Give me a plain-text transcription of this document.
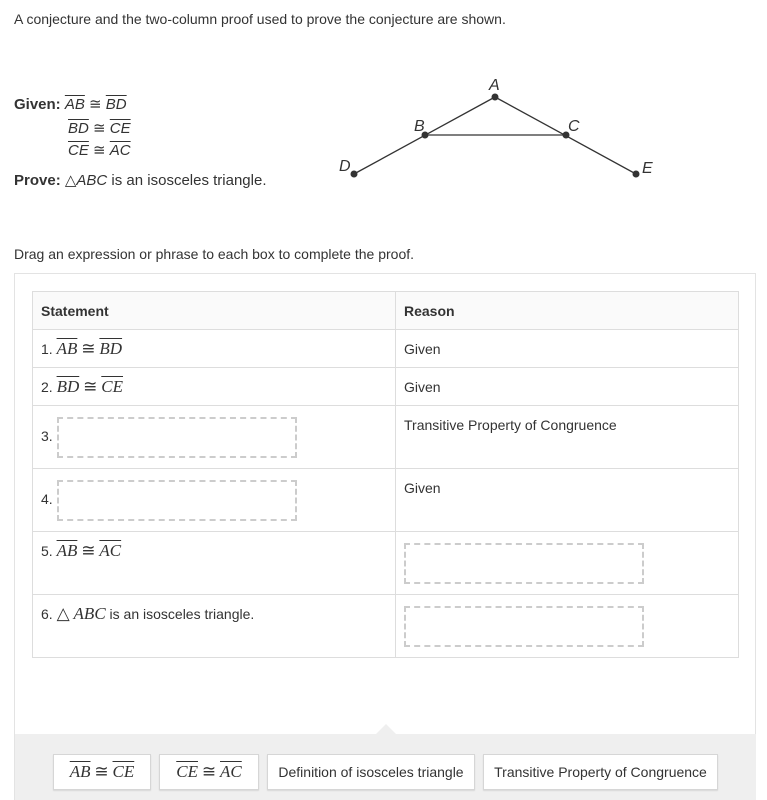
A conjecture and the two-column proof used to prove the conjecture are shown.
Given: $\overline{AB}$ ≅ $\overline{BD}$
$\overline{BD}$ ≅ $\overline{CE}$
$\overline{CE}$ ≅ $\overline{AC}$
Prove: △ABC is an isosceles triangle.
A
B	C
D	E
Drag an expression or phrase to each box to complete the proof.
Statement	Reason
1. $\overline{AB}$ ≅ $\overline{BD}$	Given
2. $\overline{BD}$ ≅ $\overline{CE}$	Given
3.	Transitive Property of Congruence
4.	Given
5. $\overline{AB}$ ≅ $\overline{AC}$	
6. △ ABC is an isosceles triangle.	
$\overline{AB}$
≅
$\overline{CE}$ $\overline{CE}$
≅
$\overline{AC}$	Definition of isosceles triangle	Transitive Property of Congruence
